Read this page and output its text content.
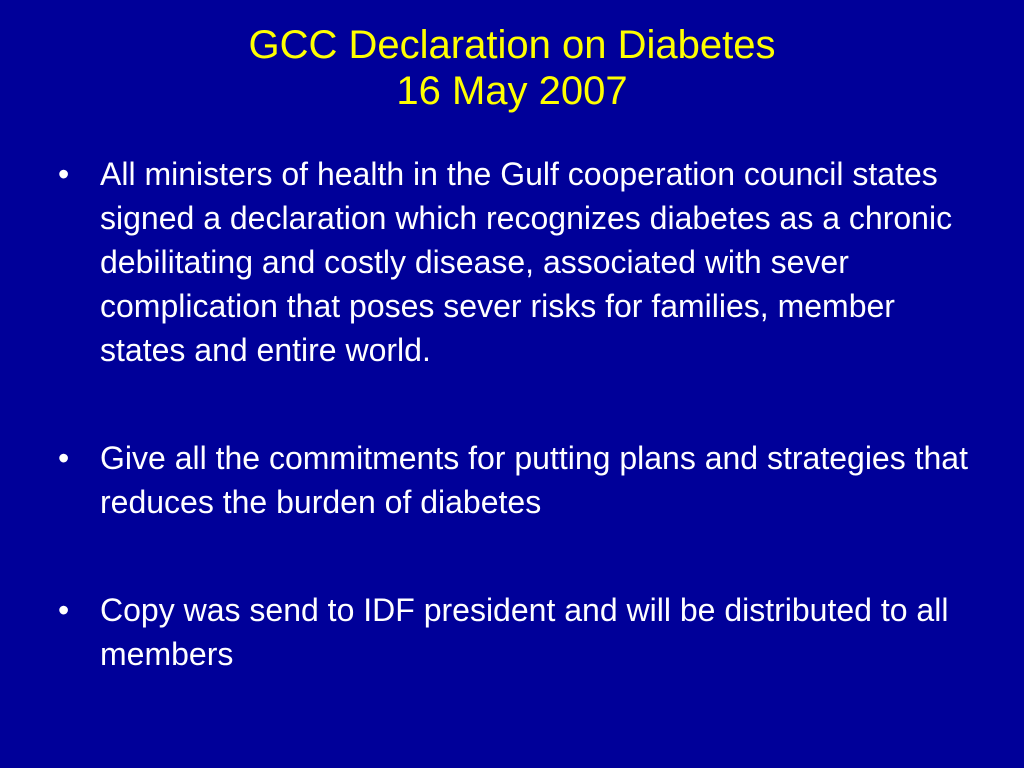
GCC Declaration on Diabetes
16 May 2007
• All ministers of health in the Gulf cooperation council states signed a declaration which recognizes diabetes as a chronic debilitating and costly disease, associated with sever complication that poses sever risks for families, member states and entire world.
• Give all the commitments for putting plans and strategies that reduces the burden of diabetes
• Copy was send to IDF president and will be distributed to all members
